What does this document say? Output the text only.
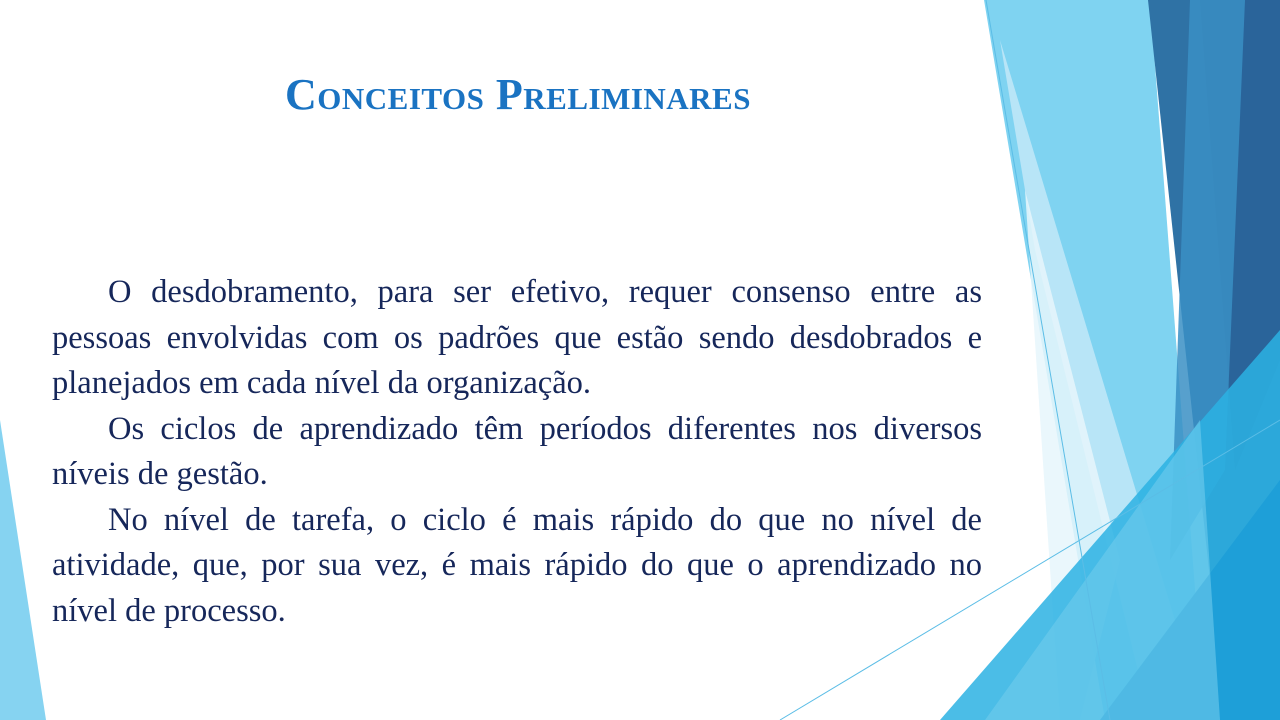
Conceitos Preliminares

O desdobramento, para ser efetivo, requer consenso entre as pessoas envolvidas com os padrões que estão sendo desdobrados e planejados em cada nível da organização.

Os ciclos de aprendizado têm períodos diferentes nos diversos níveis de gestão.

No nível de tarefa, o ciclo é mais rápido do que no nível de atividade, que, por sua vez, é mais rápido do que o aprendizado no nível de processo.
